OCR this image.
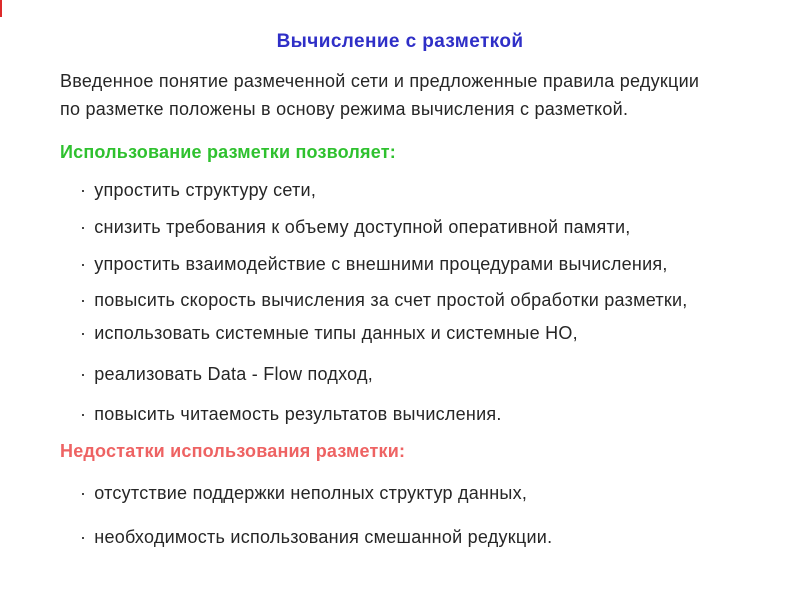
Вычисление с разметкой
Введенное понятие размеченной сети и предложенные правила редукции
по разметке положены в основу режима вычисления с разметкой.
Использование разметки позволяет:
· упростить структуру сети,
· снизить требования к объему доступной оперативной памяти,
· упростить взаимодействие с внешними процедурами вычисления,
· повысить скорость вычисления за счет простой обработки разметки,
· использовать системные типы данных и системные НО,
· реализовать Data - Flow подход,
· повысить читаемость результатов вычисления.
Недостатки использования разметки:
· отсутствие поддержки неполных структур данных,
· необходимость использования смешанной редукции.
